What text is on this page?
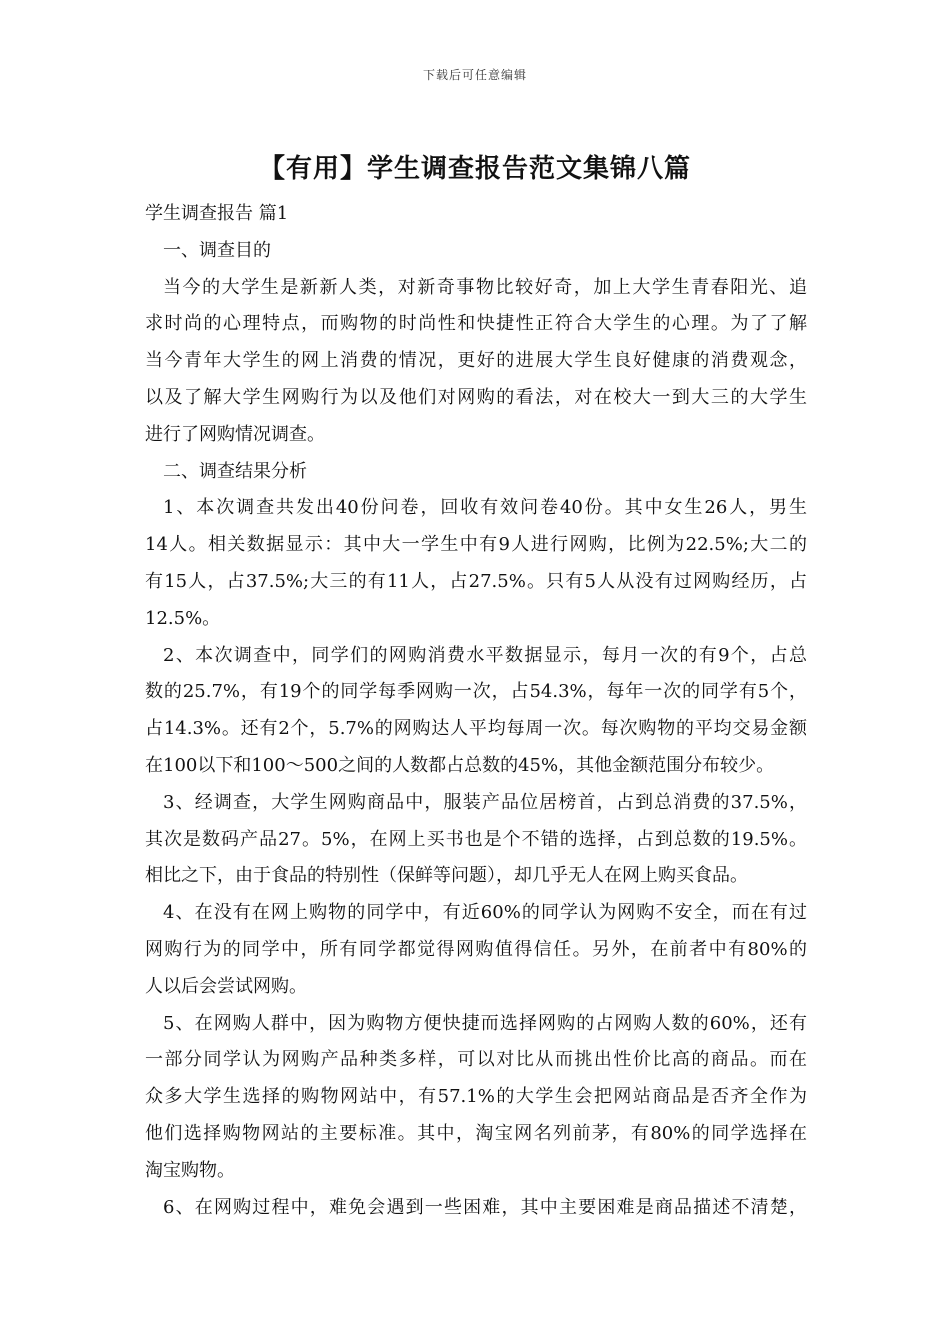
下载后可任意编辑
【有用】学生调查报告范文集锦八篇
学生调查报告 篇1
一、调查目的
当今的大学生是新新人类，对新奇事物比较好奇，加上大学生青春阳光、追
求时尚的心理特点，而购物的时尚性和快捷性正符合大学生的心理。为了了解
当今青年大学生的网上消费的情况，更好的进展大学生良好健康的消费观念，
以及了解大学生网购行为以及他们对网购的看法，对在校大一到大三的大学生
进行了网购情况调查。
二、调查结果分析
1、本次调查共发出40份问卷，回收有效问卷40份。其中女生26人，男生
14人。相关数据显示：其中大一学生中有9人进行网购，比例为22.5%;大二的
有15人，占37.5%;大三的有11人，占27.5%。只有5人从没有过网购经历，占
12.5%。
2、本次调查中，同学们的网购消费水平数据显示，每月一次的有9个，占总
数的25.7%，有19个的同学每季网购一次，占54.3%，每年一次的同学有5个，
占14.3%。还有2个，5.7%的网购达人平均每周一次。每次购物的平均交易金额
在100以下和100～500之间的人数都占总数的45%，其他金额范围分布较少。
3、经调查，大学生网购商品中，服装产品位居榜首，占到总消费的37.5%，
其次是数码产品27。5%，在网上买书也是个不错的选择，占到总数的19.5%。
相比之下，由于食品的特别性（保鲜等问题），却几乎无人在网上购买食品。
4、在没有在网上购物的同学中，有近60%的同学认为网购不安全，而在有过
网购行为的同学中，所有同学都觉得网购值得信任。另外，在前者中有80%的
人以后会尝试网购。
5、在网购人群中，因为购物方便快捷而选择网购的占网购人数的60%，还有
一部分同学认为网购产品种类多样，可以对比从而挑出性价比高的商品。而在
众多大学生选择的购物网站中，有57.1%的大学生会把网站商品是否齐全作为
他们选择购物网站的主要标准。其中，淘宝网名列前茅，有80%的同学选择在
淘宝购物。
6、在网购过程中，难免会遇到一些困难，其中主要困难是商品描述不清楚，
